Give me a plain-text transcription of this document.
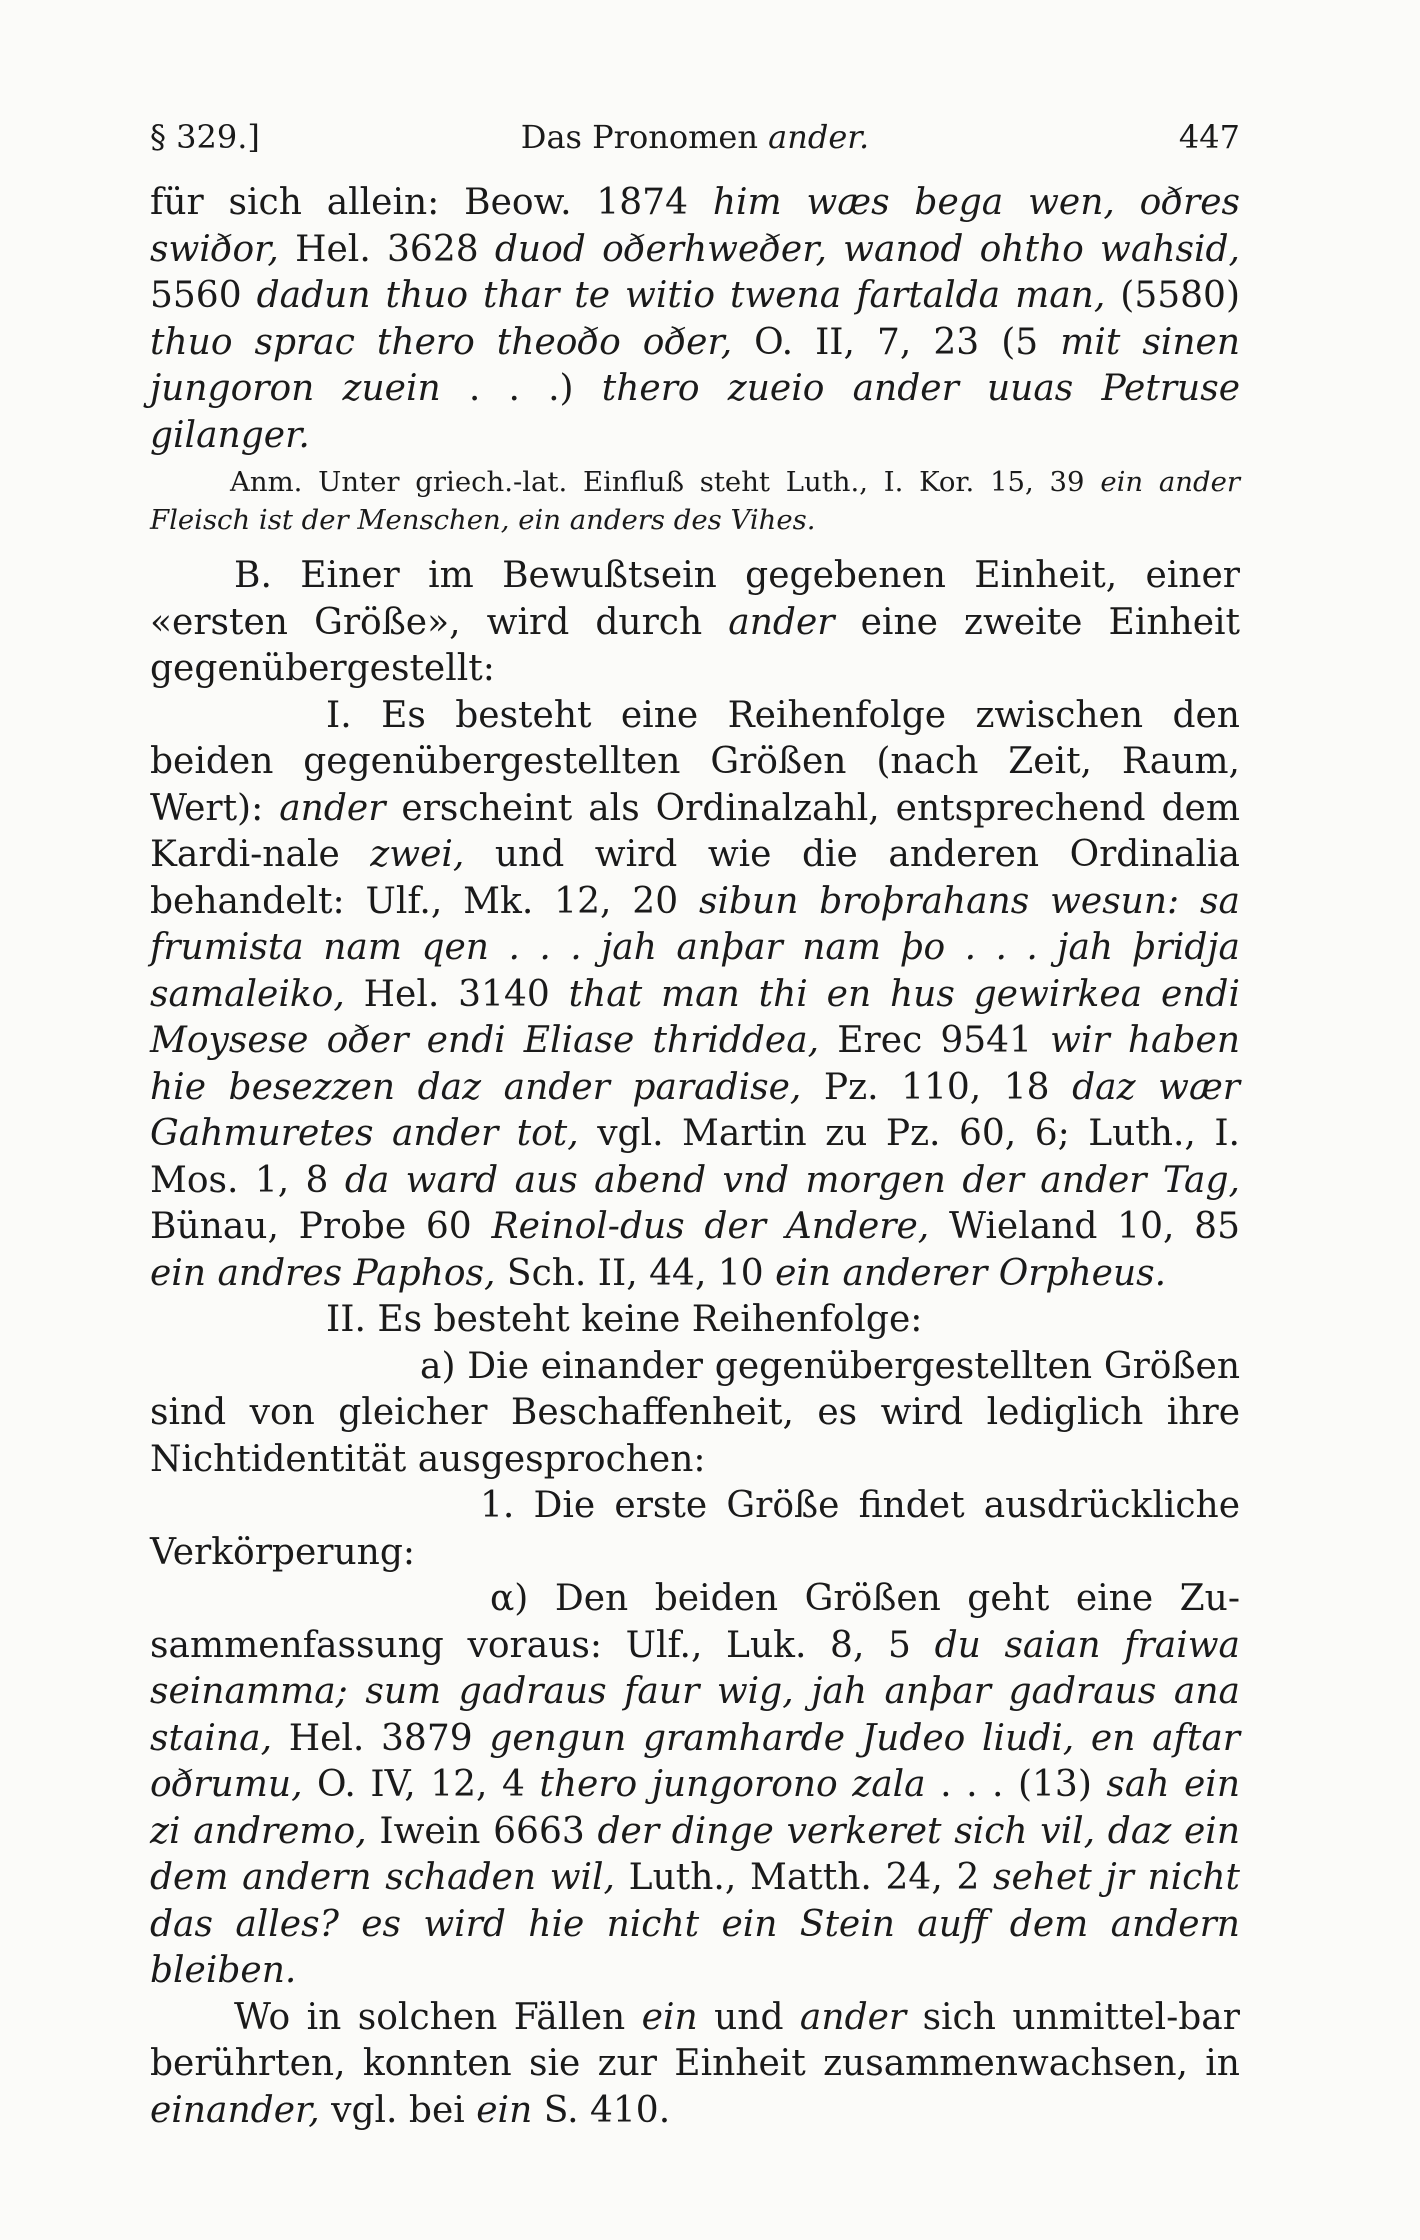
§ 329.]	Das Pronomen ander.	447

für sich allein: Beow. 1874 him wæs bega wen, oðres swiðor, Hel. 3628 duod oðerhweðer, wanod ohtho wahsid, 5560 dadun thuo thar te witio twena fartalda man, (5580) thuo sprac thero theoðo oðer, O. II, 7, 23 (5 mit sinen jungoron zuein . . .) thero zueio ander uuas Petruse gilanger.

Anm. Unter griech.-lat. Einfluß steht Luth., I. Kor. 15, 39 ein ander Fleisch ist der Menschen, ein anders des Vihes.

B. Einer im Bewußtsein gegebenen Einheit, einer «ersten Größe», wird durch ander eine zweite Einheit gegenübergestellt:

I. Es besteht eine Reihenfolge zwischen den beiden gegenübergestellten Größen (nach Zeit, Raum, Wert): ander erscheint als Ordinalzahl, entsprechend dem Kardi-nale zwei, und wird wie die anderen Ordinalia behandelt: Ulf., Mk. 12, 20 sibun broþrahans wesun: sa frumista nam qen . . . jah anþar nam þo . . . jah þridja samaleiko, Hel. 3140 that man thi en hus gewirkea endi Moysese oðer endi Eliase thriddea, Erec 9541 wir haben hie besezzen daz ander paradise, Pz. 110, 18 daz wær Gahmuretes ander tot, vgl. Martin zu Pz. 60, 6; Luth., I. Mos. 1, 8 da ward aus abend vnd morgen der ander Tag, Bünau, Probe 60 Reinol-dus der Andere, Wieland 10, 85 ein andres Paphos, Sch. II, 44, 10 ein anderer Orpheus.

II. Es besteht keine Reihenfolge:

a) Die einander gegenübergestellten Größen sind von gleicher Beschaffenheit, es wird lediglich ihre Nichtidentität ausgesprochen:

1. Die erste Größe findet ausdrückliche Verkörperung:

α) Den beiden Größen geht eine Zu-sammenfassung voraus: Ulf., Luk. 8, 5 du saian fraiwa seinamma; sum gadraus faur wig, jah anþar gadraus ana staina, Hel. 3879 gengun gramharde Judeo liudi, en aftar oðrumu, O. IV, 12, 4 thero jungorono zala . . . (13) sah ein zi andremo, Iwein 6663 der dinge verkeret sich vil, daz ein dem andern schaden wil, Luth., Matth. 24, 2 sehet jr nicht das alles? es wird hie nicht ein Stein auff dem andern bleiben.

Wo in solchen Fällen ein und ander sich unmittel-bar berührten, konnten sie zur Einheit zusammenwachsen, in einander, vgl. bei ein S. 410.
